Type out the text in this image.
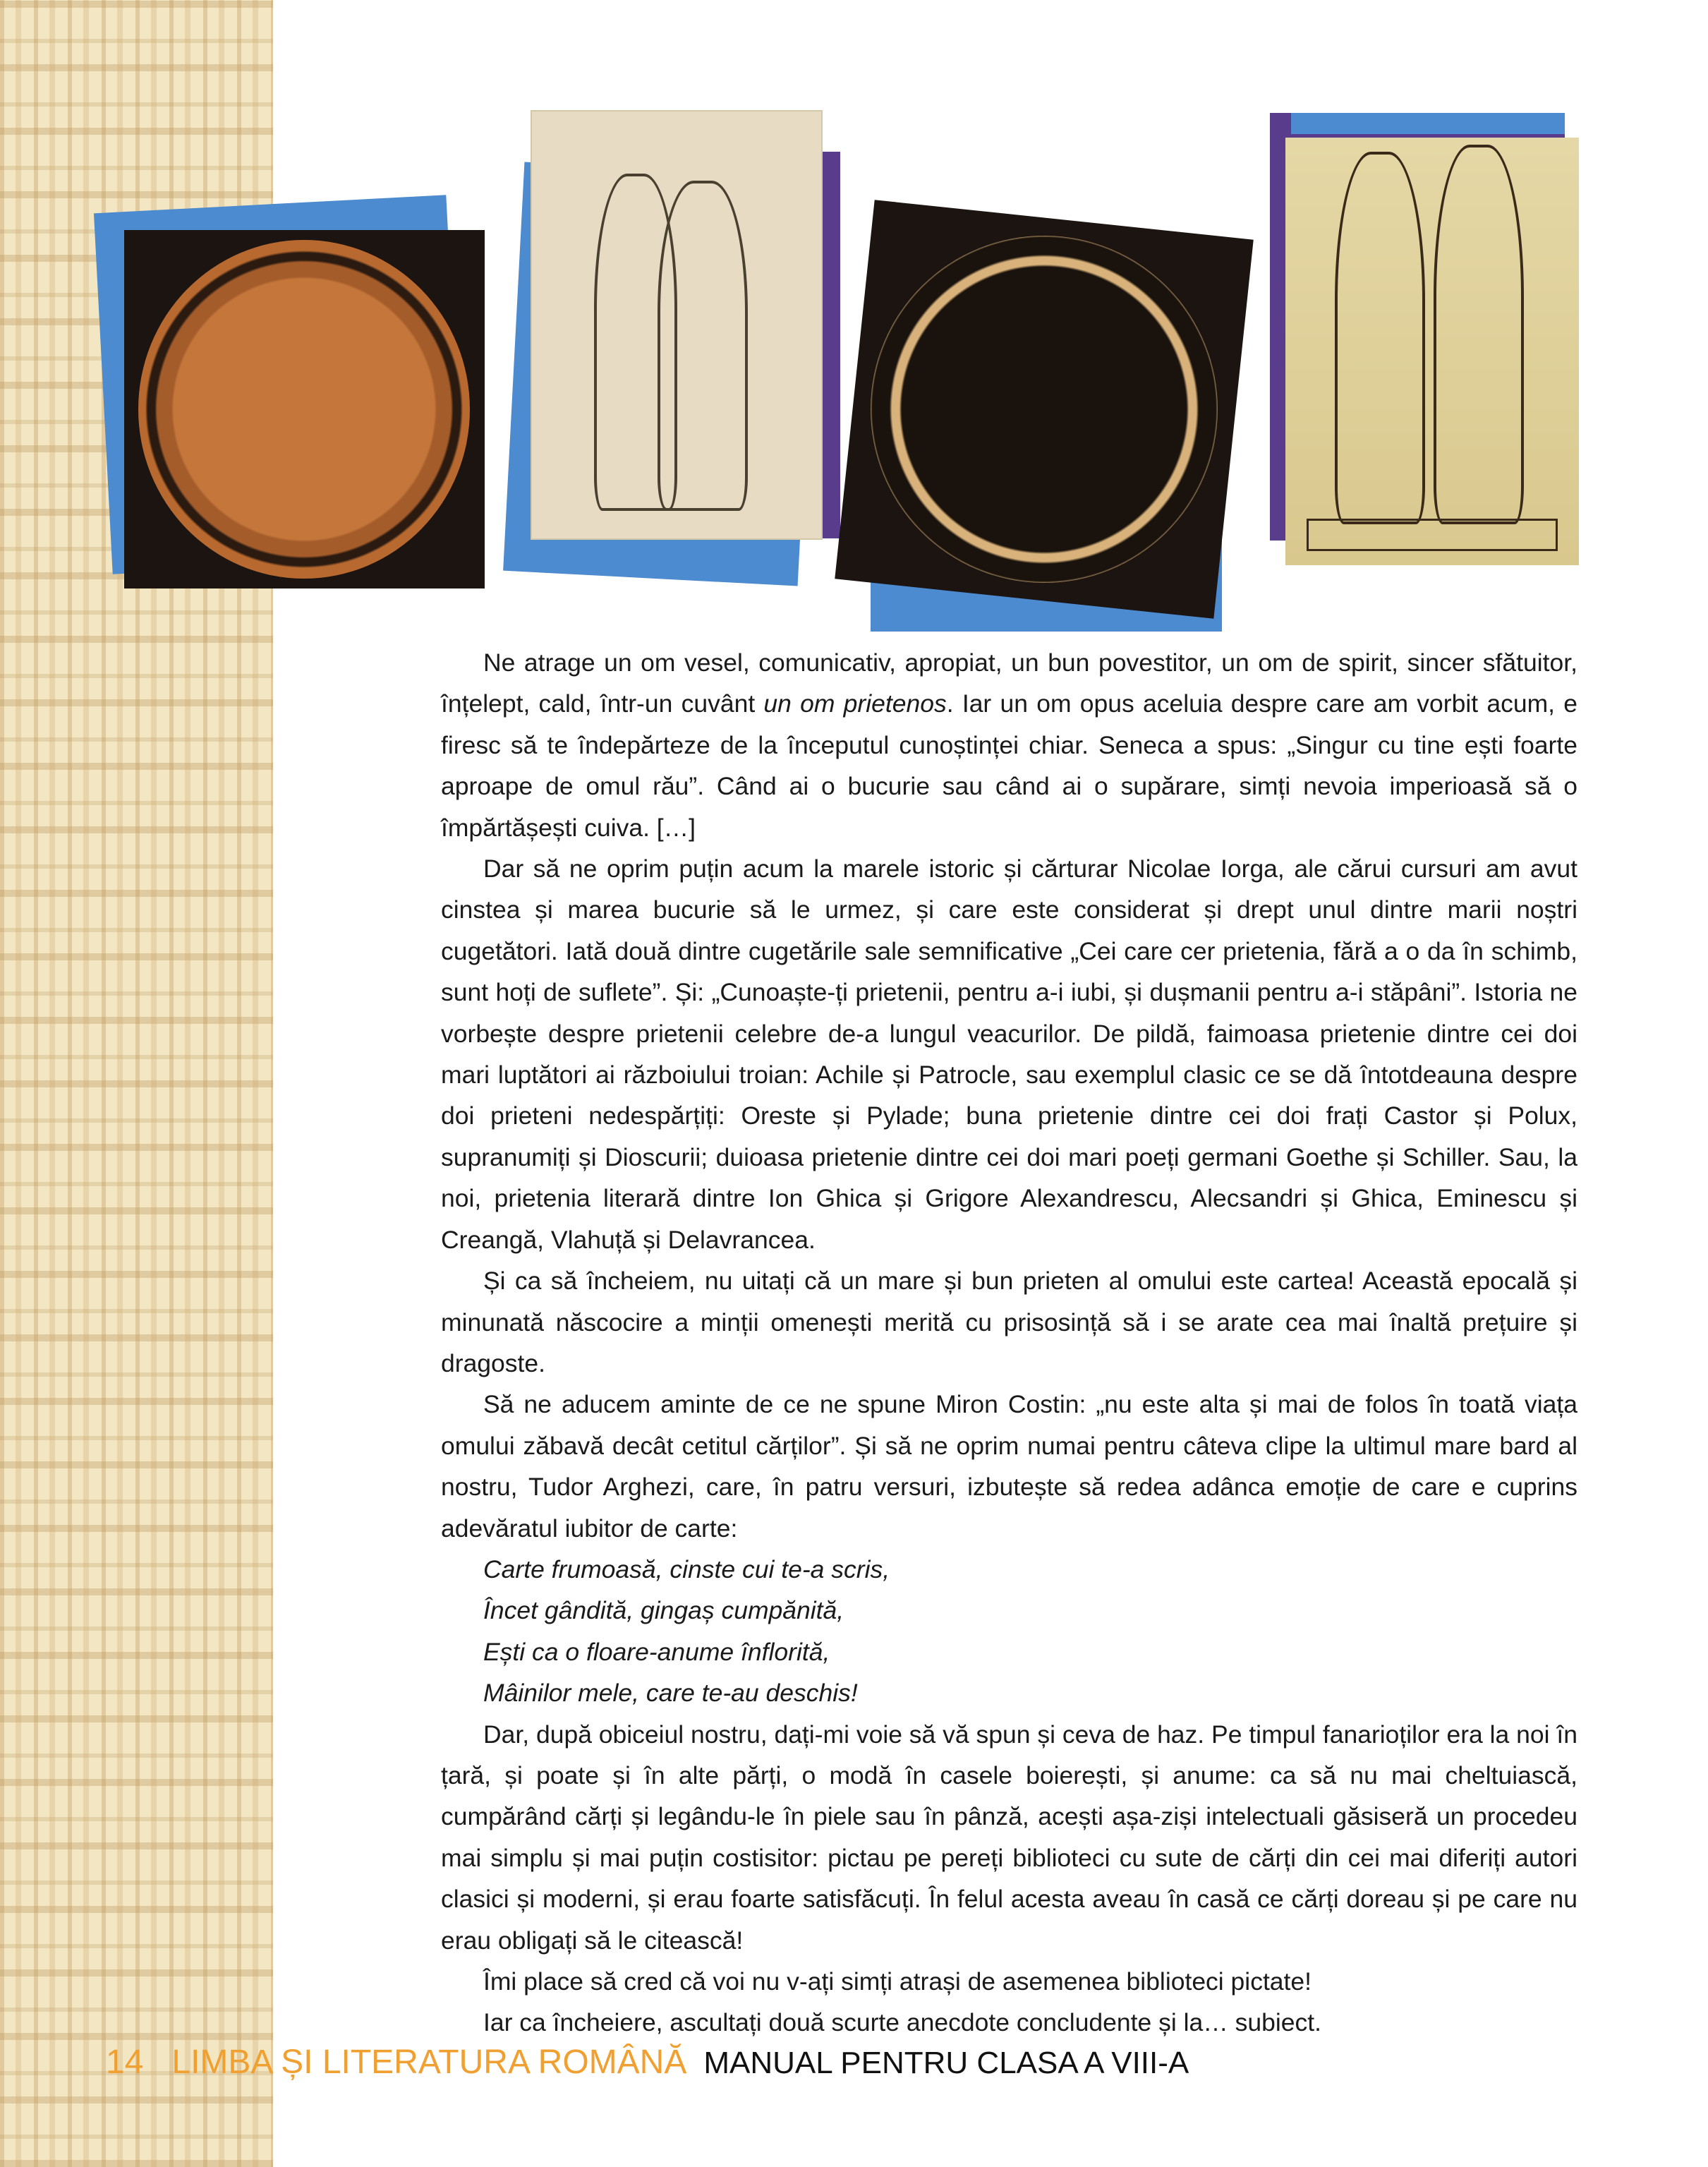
Ne atrage un om vesel, comunicativ, apropiat, un bun povestitor, un om de spirit, sincer sfătuitor, înțelept, cald, într-un cuvânt un om prietenos. Iar un om opus aceluia despre care am vorbit acum, e firesc să te îndepărteze de la începutul cunoștinței chiar. Seneca a spus: „Singur cu tine ești foarte aproape de omul rău”. Când ai o bucurie sau când ai o supărare, simți nevoia imperioasă să o împărtășești cuiva. […]

Dar să ne oprim puțin acum la marele istoric și cărturar Nicolae Iorga, ale cărui cursuri am avut cinstea și marea bucurie să le urmez, și care este considerat și drept unul dintre marii noștri cugetători. Iată două dintre cugetările sale semnificative „Cei care cer prietenia, fără a o da în schimb, sunt hoți de suflete”. Și: „Cunoaște-ți prietenii, pentru a-i iubi, și dușmanii pentru a-i stăpâni”. Istoria ne vorbește despre prietenii celebre de-a lungul veacurilor. De pildă, faimoasa prietenie dintre cei doi mari luptători ai războiului troian: Achile și Patrocle, sau exemplul clasic ce se dă întotdeauna despre doi prieteni nedespărțiți: Oreste și Pylade; buna prietenie dintre cei doi frați Castor și Polux, supranumiți și Dioscurii; duioasa prietenie dintre cei doi mari poeți germani Goethe și Schiller. Sau, la noi, prietenia literară dintre Ion Ghica și Grigore Alexandrescu, Alecsandri și Ghica, Eminescu și Creangă, Vlahuță și Delavrancea.

Și ca să încheiem, nu uitați că un mare și bun prieten al omului este cartea! Această epocală și minunată născocire a minții omenești merită cu prisosință să i se arate cea mai înaltă prețuire și dragoste.

Să ne aducem aminte de ce ne spune Miron Costin: „nu este alta și mai de folos în toată viața omului zăbavă decât cetitul cărților”. Și să ne oprim numai pentru câteva clipe la ultimul mare bard al nostru, Tudor Arghezi, care, în patru versuri, izbutește să redea adânca emoție de care e cuprins adevăratul iubitor de carte:

Carte frumoasă, cinste cui te-a scris,

Încet gândită, gingaș cumpănită,

Ești ca o floare-anume înflorită,

Mâinilor mele, care te-au deschis!

Dar, după obiceiul nostru, dați-mi voie să vă spun și ceva de haz. Pe timpul fanarioților era la noi în țară, și poate și în alte părți, o modă în casele boierești, și anume: ca să nu mai cheltuiască, cumpărând cărți și legându-le în piele sau în pânză, acești așa-ziși intelectuali găsiseră un procedeu mai simplu și mai puțin costisitor: pictau pe pereți biblioteci cu sute de cărți din cei mai diferiți autori clasici și moderni, și erau foarte satisfăcuți. În felul acesta aveau în casă ce cărți doreau și pe care nu erau obligați să le citească!

Îmi place să cred că voi nu v-ați simți atrași de asemenea biblioteci pictate!

Iar ca încheiere, ascultați două scurte anecdote concludente și la… subiect.

14 LIMBA ȘI LITERATURA ROMÂNĂ MANUAL PENTRU CLASA A VIII-A
